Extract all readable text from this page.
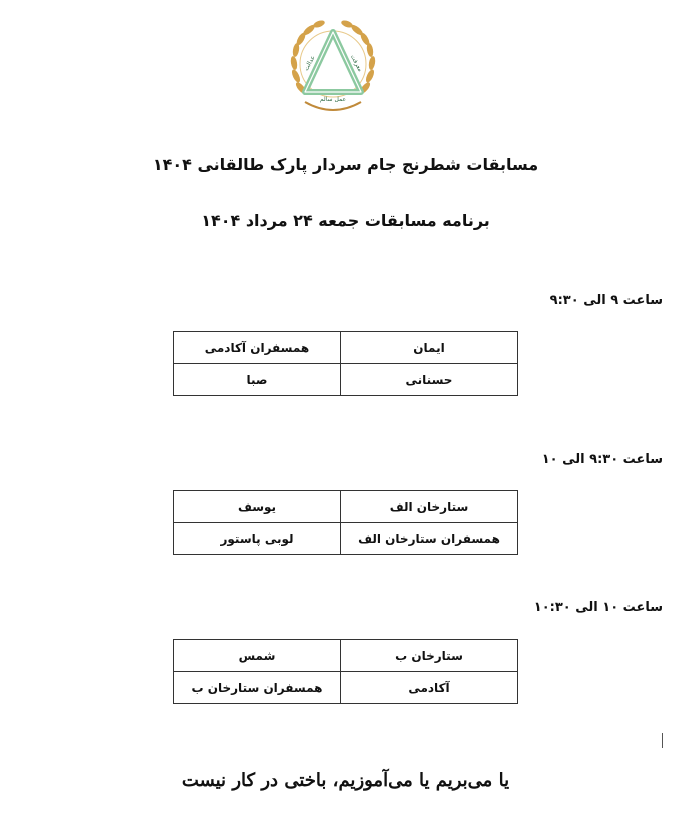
عدالت	معرفت
عمل سالم
مسابقات شطرنج جام سردار پارک طالقانی ۱۴۰۴
برنامه مسابقات جمعه ۲۴ مرداد ۱۴۰۴
ساعت ۹ الی ۹:۳۰
ایمان	همسفران آکادمی
حسنانی	صبا
ساعت ۹:۳۰ الی ۱۰
ستارخان الف	یوسف
همسفران ستارخان الف	لوبی پاستور
ساعت ۱۰ الی ۱۰:۳۰
ستارخان ب	شمس
آکادمی	همسفران ستارخان ب
یا می‌بریم یا می‌آموزیم، باختی در کار نیست
